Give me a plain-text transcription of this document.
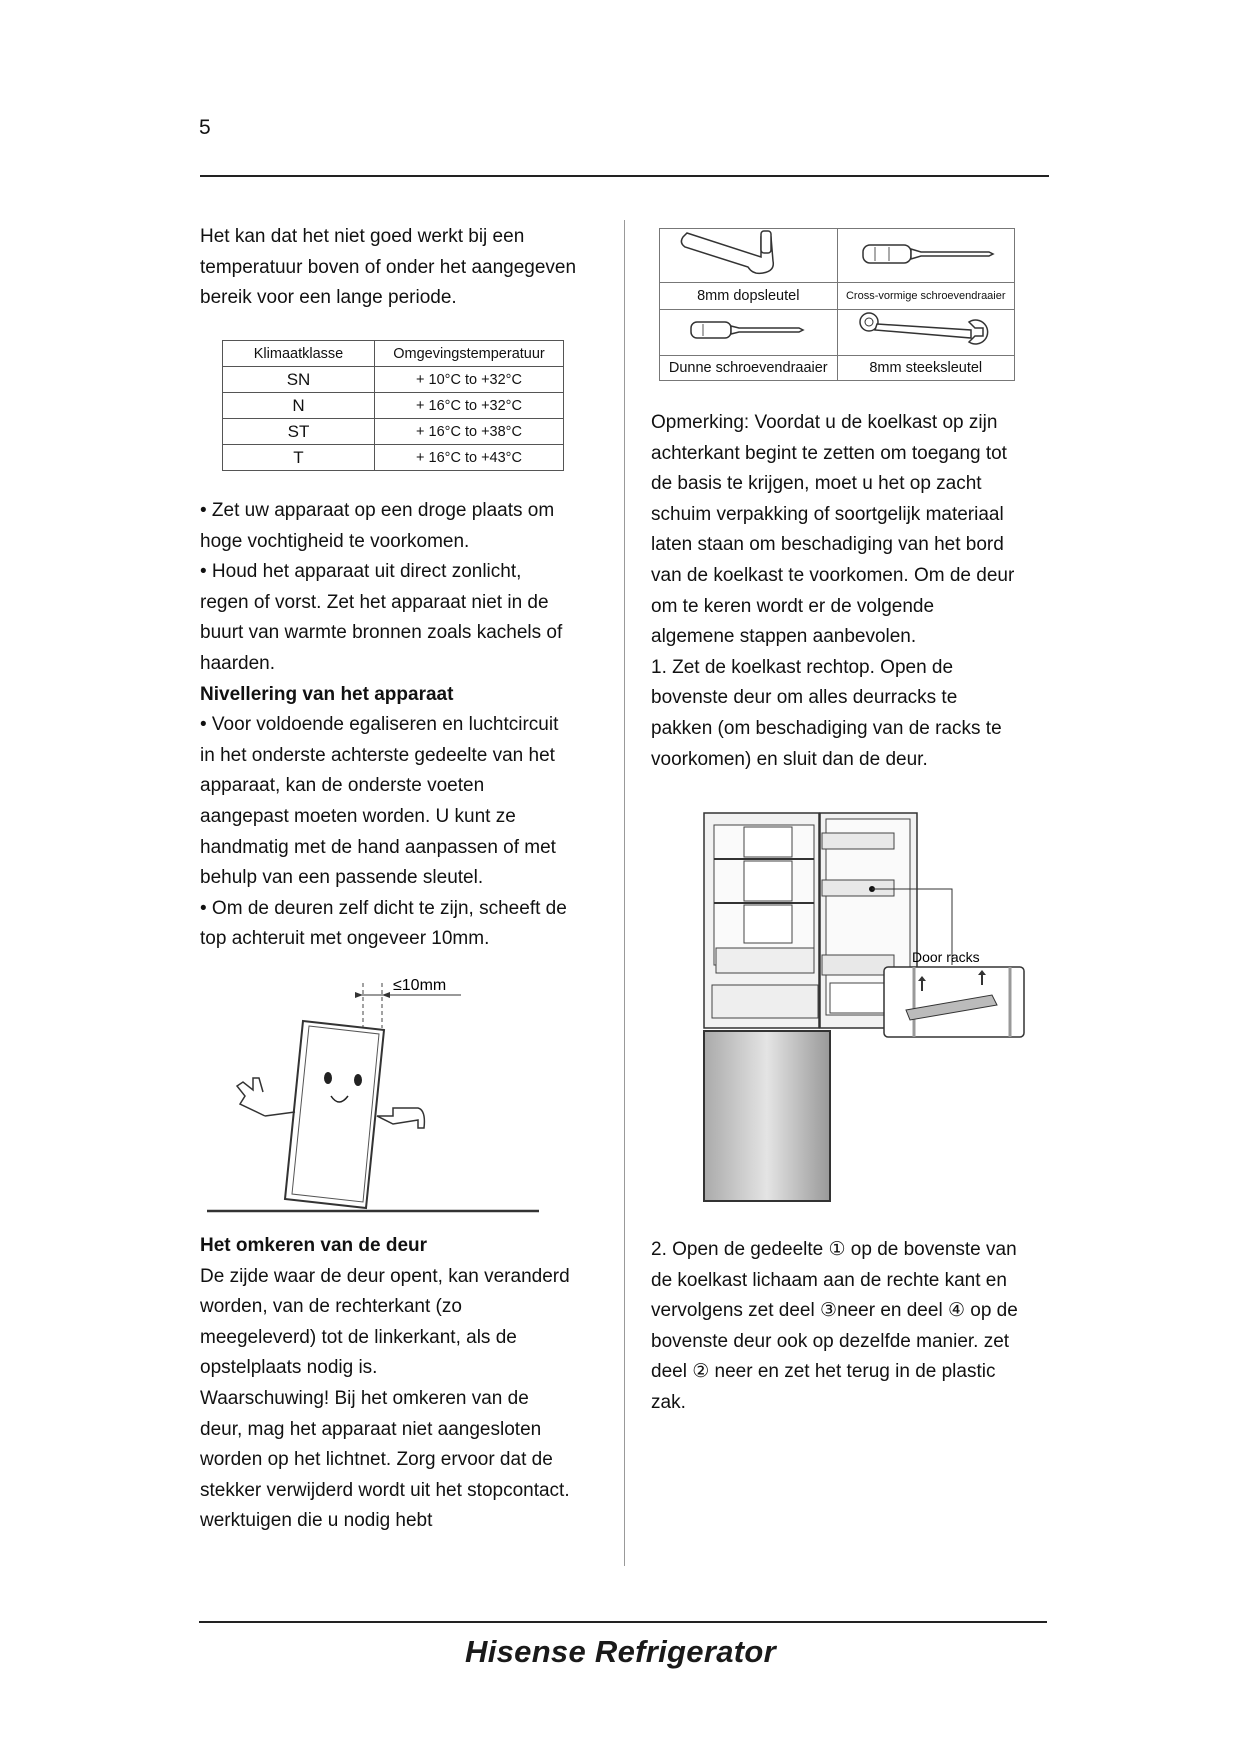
5
Het kan dat het niet goed werkt bij een
temperatuur boven of onder het aangegeven
bereik voor een lange periode.
Klimaatklasse	Omgevingstemperatuur
SN	+ 10°C to +32°C
N	+ 16°C to +32°C
ST	+ 16°C to +38°C
T	+ 16°C to +43°C
• Zet uw apparaat op een droge plaats om
hoge vochtigheid te voorkomen.
• Houd het apparaat uit direct zonlicht,
regen of vorst. Zet het apparaat niet in de
buurt van warmte bronnen zoals kachels of
haarden.
Nivellering van het apparaat
• Voor voldoende egaliseren en luchtcircuit
in het onderste achterste gedeelte van het
apparaat, kan de onderste voeten
aangepast moeten worden. U kunt ze
handmatig met de hand aanpassen of met
behulp van een passende sleutel.
• Om de deuren zelf dicht te zijn, scheeft de
top achteruit met ongeveer 10mm.
≤10mm
Het omkeren van de deur
De zijde waar de deur opent, kan veranderd
worden, van de rechterkant (zo
meegeleverd) tot de linkerkant, als de
opstelplaats nodig is.
Waarschuwing! Bij het omkeren van de
deur, mag het apparaat niet aangesloten
worden op het lichtnet. Zorg ervoor dat de
stekker verwijderd wordt uit het stopcontact.
werktuigen die u nodig hebt

8mm dopsleutel	Cross-vormige schroevendraaier

Dunne schroevendraaier	8mm steeksleutel
Opmerking: Voordat u de koelkast op zijn
achterkant begint te zetten om toegang tot
de basis te krijgen, moet u het op zacht
schuim verpakking of soortgelijk materiaal
laten staan om beschadiging van het bord
van de koelkast te voorkomen. Om de deur
om te keren wordt er de volgende
algemene stappen aanbevolen.
1. Zet de koelkast rechtop. Open de
bovenste deur om alles deurracks te
pakken (om beschadiging van de racks te
voorkomen) en sluit dan de deur.
Door racks
2. Open de gedeelte ① op de bovenste van
de koelkast lichaam aan de rechte kant en
vervolgens zet deel ③neer en deel ④ op de
bovenste deur ook op dezelfde manier. zet
deel ② neer en zet het terug in de plastic
zak.
Hisense Refrigerator
